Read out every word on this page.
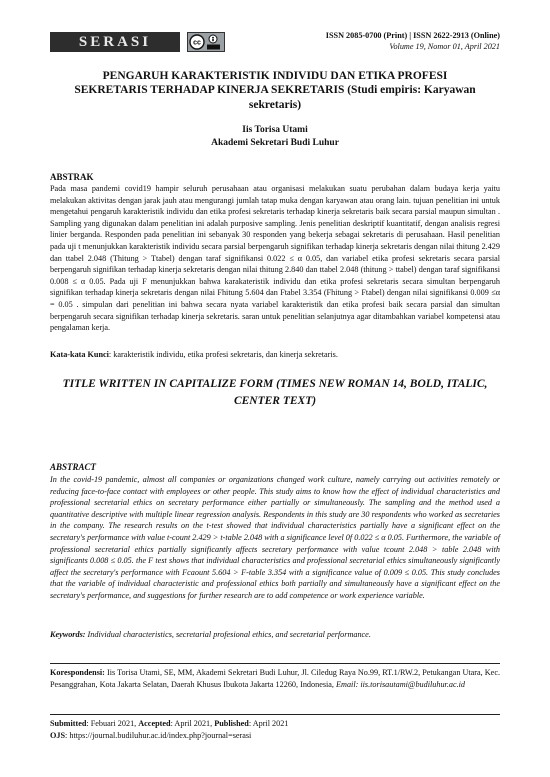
SERASI	cc
ISSN 2085-0700 (Print) | ISSN 2622-2913 (Online)
Volume 19, Nomor 01, April 2021
PENGARUH KARAKTERISTIK INDIVIDU DAN ETIKA PROFESI SEKRETARIS TERHADAP KINERJA SEKRETARIS (Studi empiris: Karyawan sekretaris)
Iis Torisa Utami
Akademi Sekretari Budi Luhur
ABSTRAK

Pada masa pandemi covid19 hampir seluruh perusahaan atau organisasi melakukan suatu perubahan dalam budaya kerja yaitu melakukan aktivitas dengan jarak jauh atau mengurangi jumlah tatap muka dengan karyawan atau orang lain. tujuan penelitian ini untuk mengetahui pengaruh karakteristik individu dan etika profesi sekretaris terhadap kinerja sekretaris baik secara parsial maupun simultan . Sampling yang digunakan dalam penelitian ini adalah purposive sampling. Jenis penelitian deskriptif kuantitatif, dengan analisis regresi linier berganda. Responden pada penelitian ini sebanyak 30 responden yang bekerja sebagai sekretaris di perusahaan. Hasil penelitian pada uji t menunjukkan karakteristik individu secara parsial berpengaruh signifikan terhadap kinerja sekretaris dengan nilai thitung 2.429 dan ttabel 2.048 (Thitung > Ttabel) dengan taraf signifikansi 0.022 ≤ α 0.05, dan variabel etika profesi sekretaris secara parsial berpengaruh signifikan terhadap kinerja sekretaris dengan nilai thitung 2.840 dan ttabel 2.048 (thitung > ttabel) dengan taraf signifikansi 0.008 ≤ α 0.05. Pada uji F menunjukkan bahwa karakateristik individu dan etika profesi sekretaris secara simultan berpengaruh signifikan terhadap kinerja sekretaris dengan nilai Fhitung 5.604 dan Ftabel 3.354 (Fhitung > Ftabel) dengan nilai signifikansi 0.009 ≤α = 0.05 . simpulan dari penelitian ini bahwa secara nyata variabel karakteristik dan etika profesi baik secara parsial dan simultan berpengaruh secara signifikan terhadap kinerja sekretaris. saran untuk penelitian selanjutnya agar ditambahkan variabel kompetensi atau pengalaman kerja.

Kata-kata Kunci: karakteristik individu, etika profesi sekretaris, dan kinerja sekretaris.
TITLE WRITTEN IN CAPITALIZE FORM (TIMES NEW ROMAN 14, BOLD, ITALIC, CENTER TEXT)
ABSTRACT

In the covid-19 pandemic, almost all companies or organizations changed work culture, namely carrying out activities remotely or reducing face-to-face contact with employees or other people. This study aims to know how the effect of individual characteristics and professional secretarial ethics on secretary performance either partially or simultaneously. The sampling and the method used a quantitative descriptive with multiple linear regression analysis. Respondents in this study are 30 respondents who worked as secretaries in the company. The research results on the t-test showed that individual characteristics partially have a significant effect on the secretary's performance with value t-count 2.429 > t-table 2.048 with a significance level 0f 0.022 ≤ α 0.05. Furthermore, the variable of professional secretarial ethics partially significantly affects secretary performance with value tcount 2.048 > table 2.048 with significants 0.008 ≤ 0.05. the F test shows that individual characteristics and professional secretarial ethics simultaneously significantly affect the secretary's performance with Fcaount 5.604 > F-table 3.354 with a significance value of 0.009 ≤ 0.05. This study concludes that the variable of individual characteristic and professional ethics both partially and simultaneously have a significant effect on the secretary's performance, and suggestions for further research are to add competence or work experience variable.

Keywords: Individual characteristics, secretarial profesional ethics, and secretarial performance.

Korespondensi: Iis Torisa Utami, SE, MM, Akademi Sekretari Budi Luhur, Jl. Ciledug Raya No.99, RT.1/RW.2, Petukangan Utara, Kec. Pesanggrahan, Kota Jakarta Selatan, Daerah Khusus Ibukota Jakarta 12260, Indonesia, Email: iis.torisautami@budiluhur.ac.id

Submitted: Febuari 2021, Accepted: April 2021, Published: April 2021
OJS: https://journal.budiluhur.ac.id/index.php?journal=serasi
